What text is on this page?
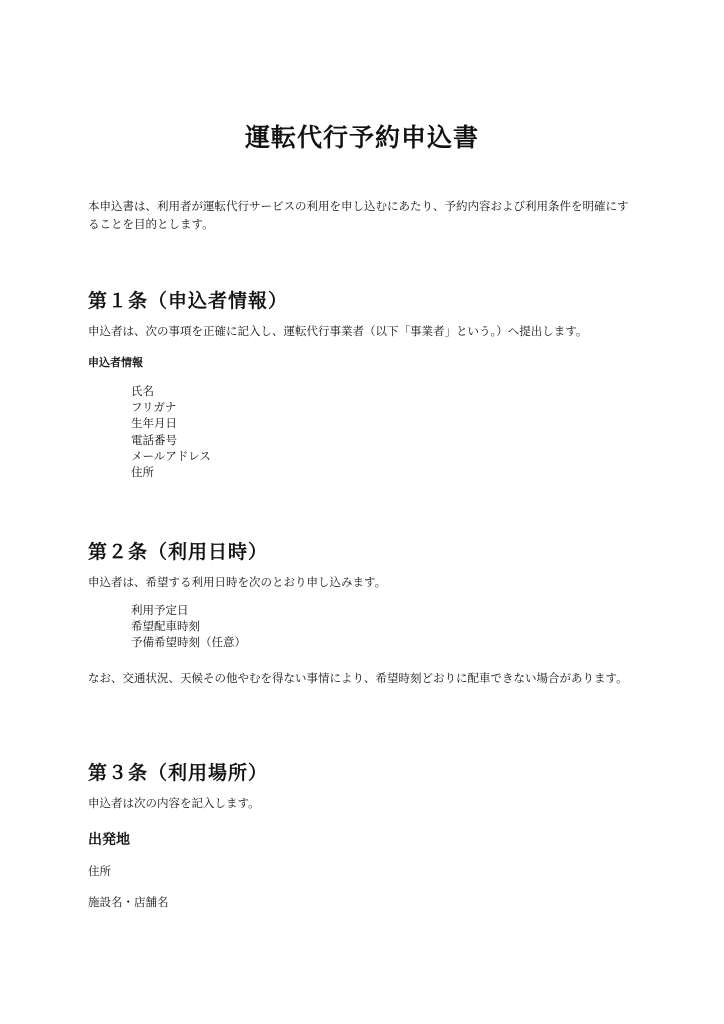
運転代行予約申込書

本申込書は、利用者が運転代行サービスの利用を申し込むにあたり、予約内容および利用条件を明確にすることを目的とします。

第１条（申込者情報）

申込者は、次の事項を正確に記入し、運転代行事業者（以下「事業者」という。）へ提出します。

申込者情報
氏名
フリガナ
生年月日
電話番号
メールアドレス
住所
第２条（利用日時）

申込者は、希望する利用日時を次のとおり申し込みます。

利用予定日
希望配車時刻
予備希望時刻（任意）

なお、交通状況、天候その他やむを得ない事情により、希望時刻どおりに配車できない場合があります。

第３条（利用場所）

申込者は次の内容を記入します。

出発地

住所

施設名・店舗名
